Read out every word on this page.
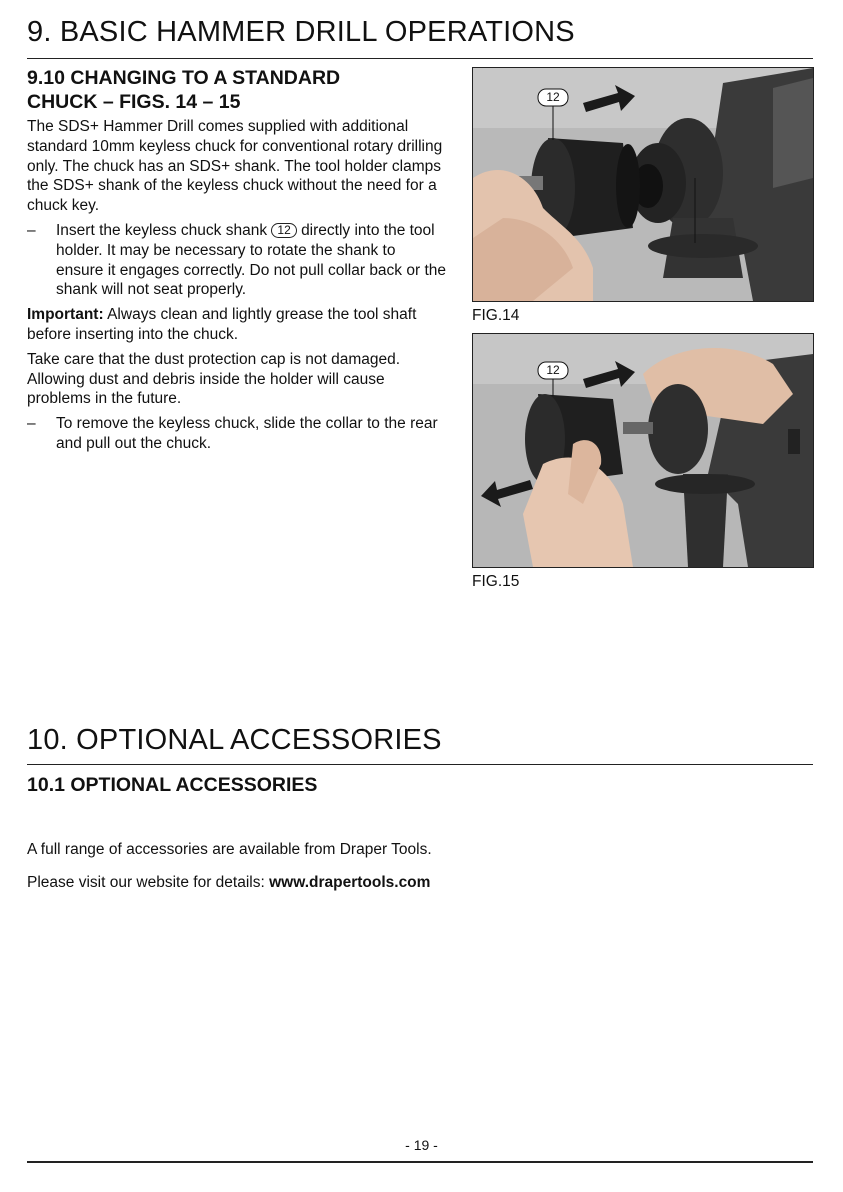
9. BASIC HAMMER DRILL OPERATIONS
9.10 CHANGING TO A STANDARD
CHUCK – FIGS. 14 – 15

The SDS+ Hammer Drill comes supplied with additional standard 10mm keyless chuck for conventional rotary drilling only. The chuck has an SDS+ shank. The tool holder clamps the SDS+ shank of the keyless chuck without the need for a chuck key.

– Insert the keyless chuck shank 12 directly into the tool holder. It may be necessary to rotate the shank to ensure it engages correctly. Do not pull collar back or the shank will not seat properly.

Important: Always clean and lightly grease the tool shaft before inserting into the chuck.

Take care that the dust protection cap is not damaged. Allowing dust and debris inside the holder will cause problems in the future.

– To remove the keyless chuck, slide the collar to the rear and pull out the chuck.
12
FIG.14
12
FIG.15
10. OPTIONAL ACCESSORIES
10.1 OPTIONAL ACCESSORIES
A full range of accessories are available from Draper Tools.
Please visit our website for details: www.drapertools.com
- 19 -
